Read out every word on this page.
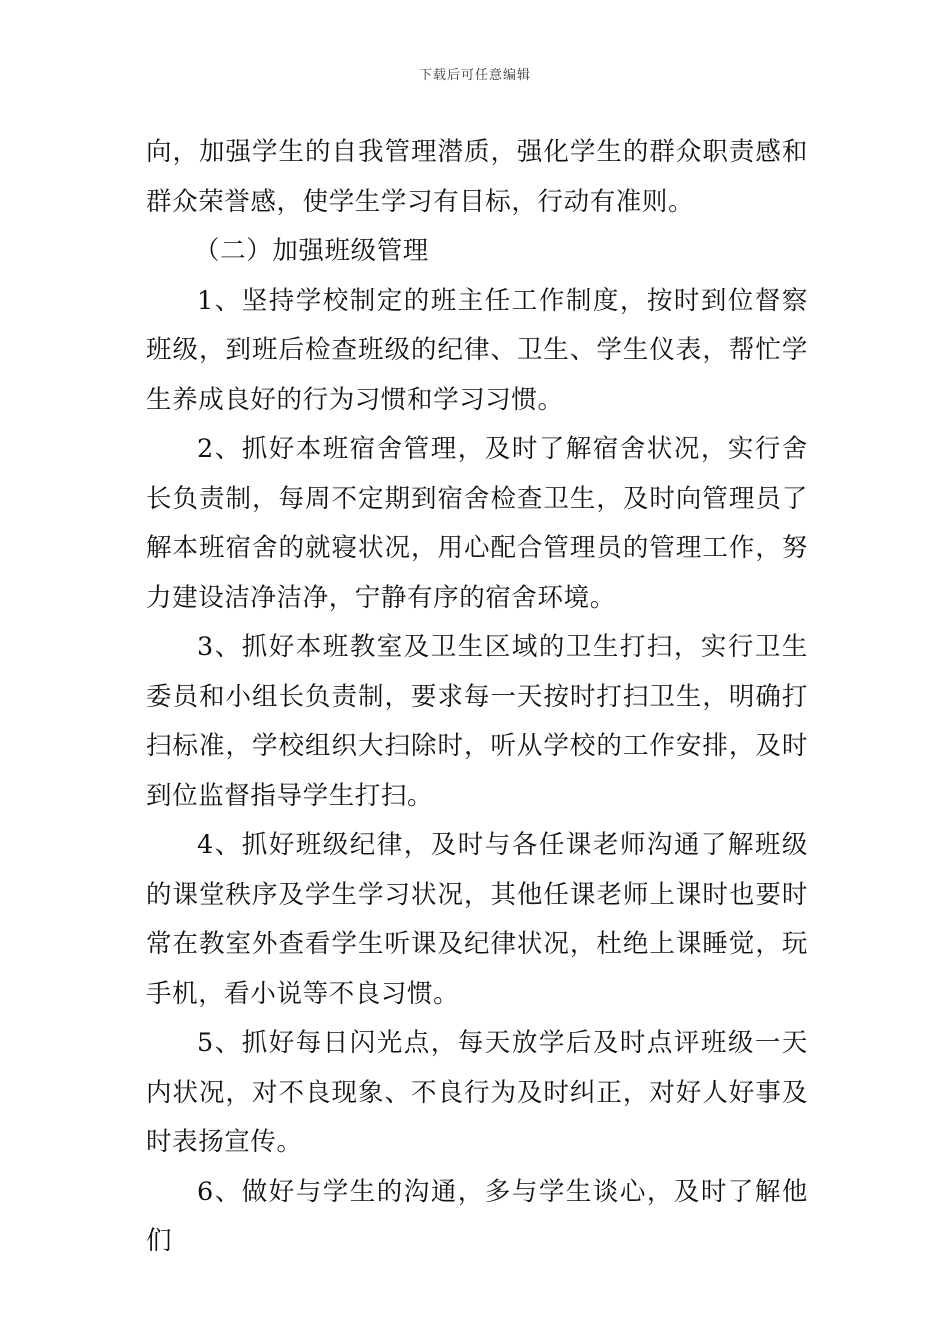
下载后可任意编辑

向，加强学生的自我管理潜质，强化学生的群众职责感和群众荣誉感，使学生学习有目标，行动有准则。

（二）加强班级管理

1、坚持学校制定的班主任工作制度，按时到位督察班级，到班后检查班级的纪律、卫生、学生仪表，帮忙学生养成良好的行为习惯和学习习惯。

2、抓好本班宿舍管理，及时了解宿舍状况，实行舍长负责制，每周不定期到宿舍检查卫生，及时向管理员了解本班宿舍的就寝状况，用心配合管理员的管理工作，努力建设洁净洁净，宁静有序的宿舍环境。

3、抓好本班教室及卫生区域的卫生打扫，实行卫生委员和小组长负责制，要求每一天按时打扫卫生，明确打扫标准，学校组织大扫除时，听从学校的工作安排，及时到位监督指导学生打扫。

4、抓好班级纪律，及时与各任课老师沟通了解班级的课堂秩序及学生学习状况，其他任课老师上课时也要时常在教室外查看学生听课及纪律状况，杜绝上课睡觉，玩手机，看小说等不良习惯。

5、抓好每日闪光点，每天放学后及时点评班级一天内状况，对不良现象、不良行为及时纠正，对好人好事及时表扬宣传。

6、做好与学生的沟通，多与学生谈心，及时了解他们
